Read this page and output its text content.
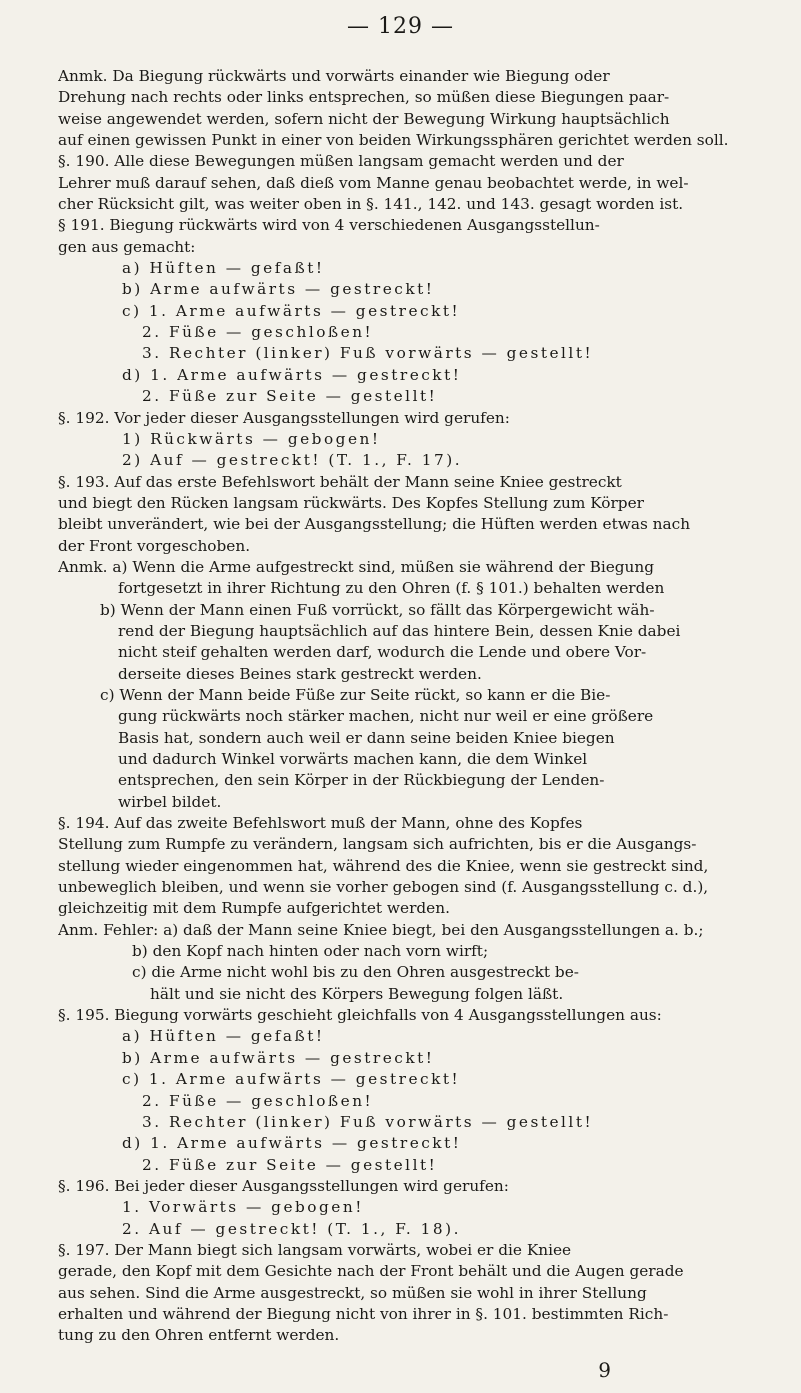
— 129 —
Anmk. Da Biegung rückwärts und vorwärts einander wie Biegung oder
Drehung nach rechts oder links entsprechen, so müßen diese Biegungen paar-
weise angewendet werden, sofern nicht der Bewegung Wirkung hauptsächlich
auf einen gewissen Punkt in einer von beiden Wirkungssphären gerichtet werden soll.
§. 190. Alle diese Bewegungen müßen langsam gemacht werden und der
Lehrer muß darauf sehen, daß dieß vom Manne genau beobachtet werde, in wel-
cher Rücksicht gilt, was weiter oben in §. 141., 142. und 143. gesagt worden ist.
§ 191. Biegung rückwärts wird von 4 verschiedenen Ausgangsstellun-
gen aus gemacht:
a) Hüften — gefaßt!
b) Arme aufwärts — gestreckt!
c) 1. Arme aufwärts — gestreckt!
2. Füße — geschloßen!
3. Rechter (linker) Fuß vorwärts — gestellt!
d) 1. Arme aufwärts — gestreckt!
2. Füße zur Seite — gestellt!
§. 192. Vor jeder dieser Ausgangsstellungen wird gerufen:
1) Rückwärts — gebogen!
2) Auf — gestreckt! (T. 1., F. 17).
§. 193. Auf das erste Befehlswort behält der Mann seine Kniee gestreckt
und biegt den Rücken langsam rückwärts. Des Kopfes Stellung zum Körper
bleibt unverändert, wie bei der Ausgangsstellung; die Hüften werden etwas nach
der Front vorgeschoben.
Anmk. a) Wenn die Arme aufgestreckt sind, müßen sie während der Biegung
fortgesetzt in ihrer Richtung zu den Ohren (f. § 101.) behalten werden
b) Wenn der Mann einen Fuß vorrückt, so fällt das Körpergewicht wäh-
rend der Biegung hauptsächlich auf das hintere Bein, dessen Knie dabei
nicht steif gehalten werden darf, wodurch die Lende und obere Vor-
derseite dieses Beines stark gestreckt werden.
c) Wenn der Mann beide Füße zur Seite rückt, so kann er die Bie-
gung rückwärts noch stärker machen, nicht nur weil er eine größere
Basis hat, sondern auch weil er dann seine beiden Kniee biegen
und dadurch Winkel vorwärts machen kann, die dem Winkel
entsprechen, den sein Körper in der Rückbiegung der Lenden-
wirbel bildet.
§. 194. Auf das zweite Befehlswort muß der Mann, ohne des Kopfes
Stellung zum Rumpfe zu verändern, langsam sich aufrichten, bis er die Ausgangs-
stellung wieder eingenommen hat, während des die Kniee, wenn sie gestreckt sind,
unbeweglich bleiben, und wenn sie vorher gebogen sind (f. Ausgangsstellung c. d.),
gleichzeitig mit dem Rumpfe aufgerichtet werden.
Anm. Fehler: a) daß der Mann seine Kniee biegt, bei den Ausgangsstellungen a. b.;
b) den Kopf nach hinten oder nach vorn wirft;
c) die Arme nicht wohl bis zu den Ohren ausgestreckt be-
hält und sie nicht des Körpers Bewegung folgen läßt.
§. 195. Biegung vorwärts geschieht gleichfalls von 4 Ausgangsstellungen aus:
a) Hüften — gefaßt!
b) Arme aufwärts — gestreckt!
c) 1. Arme aufwärts — gestreckt!
2. Füße — geschloßen!
3. Rechter (linker) Fuß vorwärts — gestellt!
d) 1. Arme aufwärts — gestreckt!
2. Füße zur Seite — gestellt!
§. 196. Bei jeder dieser Ausgangsstellungen wird gerufen:
1. Vorwärts — gebogen!
2. Auf — gestreckt! (T. 1., F. 18).
§. 197. Der Mann biegt sich langsam vorwärts, wobei er die Kniee
gerade, den Kopf mit dem Gesichte nach der Front behält und die Augen gerade
aus sehen. Sind die Arme ausgestreckt, so müßen sie wohl in ihrer Stellung
erhalten und während der Biegung nicht von ihrer in §. 101. bestimmten Rich-
tung zu den Ohren entfernt werden.
9
